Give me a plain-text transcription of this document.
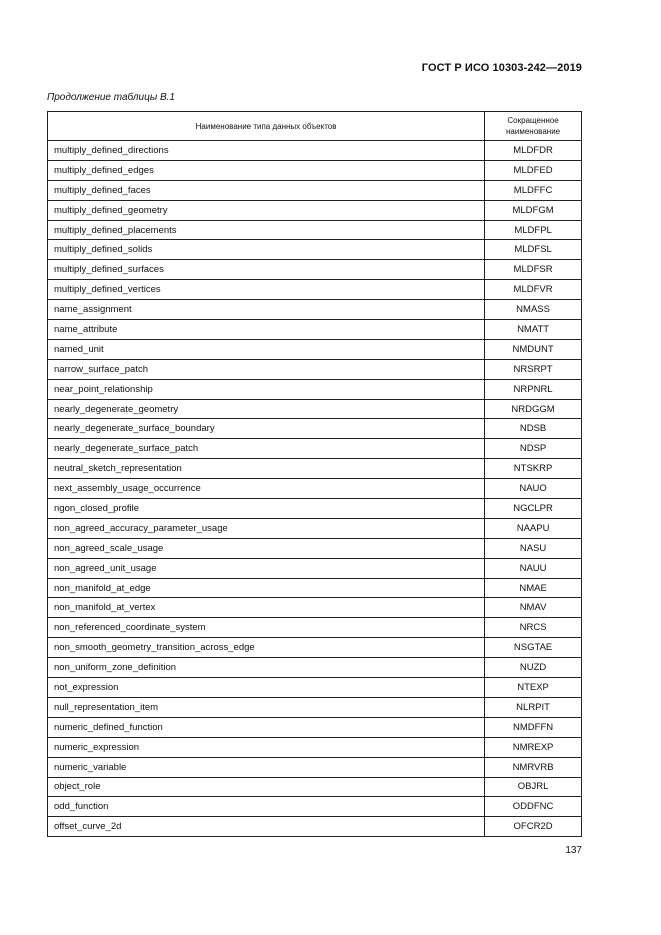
ГОСТ Р ИСО 10303-242—2019
Продолжение таблицы В.1
Наименование типа данных объектов	Сокращенное
наименование
multiply_defined_directions	MLDFDR
multiply_defined_edges	MLDFED
multiply_defined_faces	MLDFFC
multiply_defined_geometry	MLDFGM
multiply_defined_placements	MLDFPL
multiply_defined_solids	MLDFSL
multiply_defined_surfaces	MLDFSR
multiply_defined_vertices	MLDFVR
name_assignment	NMASS
name_attribute	NMATT
named_unit	NMDUNT
narrow_surface_patch	NRSRPT
near_point_relationship	NRPNRL
nearly_degenerate_geometry	NRDGGM
nearly_degenerate_surface_boundary	NDSB
nearly_degenerate_surface_patch	NDSP
neutral_sketch_representation	NTSKRP
next_assembly_usage_occurrence	NAUO
ngon_closed_profile	NGCLPR
non_agreed_accuracy_parameter_usage	NAAPU
non_agreed_scale_usage	NASU
non_agreed_unit_usage	NAUU
non_manifold_at_edge	NMAE
non_manifold_at_vertex	NMAV
non_referenced_coordinate_system	NRCS
non_smooth_geometry_transition_across_edge	NSGTAE
non_uniform_zone_definition	NUZD
not_expression	NTEXP
null_representation_item	NLRPIT
numeric_defined_function	NMDFFN
numeric_expression	NMREXP
numeric_variable	NMRVRB
object_role	OBJRL
odd_function	ODDFNC
offset_curve_2d	OFCR2D
137
